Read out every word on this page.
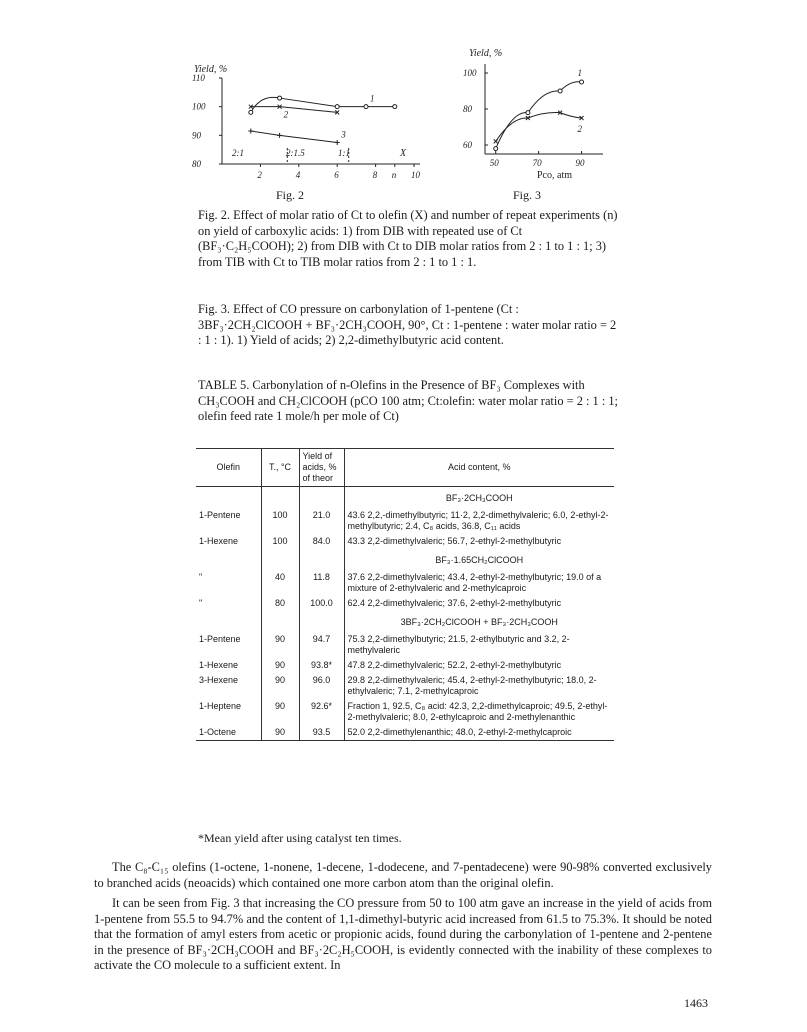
Yield, %
110
100
90
80
2	4	6	8 n 10
1
2
3
2:1	2:1.5	1:1	X
Fig. 2
Yield, %
100
80
60
50	70	90
1
2
Pco, atm
Fig. 3
Fig. 2. Effect of molar ratio of Ct to olefin (X) and number of repeat experiments (n) on yield of carboxylic acids: 1) from DIB with repeated use of Ct (BF₃·C₂H₅COOH); 2) from DIB with Ct to DIB molar ratios from 2 : 1 to 1 : 1; 3) from TIB with Ct to TIB molar ratios from 2 : 1 to 1 : 1.
Fig. 3. Effect of CO pressure on carbonylation of 1-pentene (Ct : 3BF₃·2CH₂ClCOOH + BF₃·2CH₃COOH, 90°, Ct : 1-pentene : water molar ratio = 2 : 1 : 1). 1) Yield of acids; 2) 2,2-dimethylbutyric acid content.
TABLE 5. Carbonylation of n-Olefins in the Presence of BF₃ Complexes with CH₃COOH and CH₂ClCOOH (pCO 100 atm; Ct:olefin: water molar ratio = 2 : 1 : 1; olefin feed rate 1 mole/h per mole of Ct)
Olefin	T., °C	Yield of acids, % of theor	Acid content, %
			BF₃·2CH₃COOH
1-Pentene	100	21.0	43.6 2,2,-dimethylbutyric; 11·2, 2,2-dimethylvaleric; 6.0, 2-ethyl-2-methylbutyric; 2.4, C₈ acids, 36.8, C₁₁ acids
1-Hexene	100	84.0	43.3 2,2-dimethylvaleric; 56.7, 2-ethyl-2-methylbutyric
			BF₃·1.65CH₂ClCOOH
"	40	11.8	37.6 2,2-dimethylvaleric; 43.4, 2-ethyl-2-methylbutyric; 19.0 of a mixture of 2-ethylvaleric and 2-methylcaproic
"	80	100.0	62.4 2,2-dimethylvaleric; 37.6, 2-ethyl-2-methylbutyric
			3BF₃·2CH₂ClCOOH + BF₃·2CH₃COOH
1-Pentene	90	94.7	75.3 2,2-dimethylbutyric; 21.5, 2-ethylbutyric and 3.2, 2-methylvaleric
1-Hexene	90	93.8*	47.8 2,2-dimethylvaleric; 52.2, 2-ethyl-2-methylbutyric
3-Hexene	90	96.0	29.8 2,2-dimethylvaleric; 45.4, 2-ethyl-2-methylbutyric; 18.0, 2-ethylvaleric; 7.1, 2-methylcaproic
1-Heptene	90	92.6*	Fraction 1, 92.5, C₈ acid: 42.3, 2,2-dimethylcaproic; 49.5, 2-ethyl-2-methylvaleric; 8.0, 2-ethylcaproic and 2-methylenanthic
1-Octene	90	93.5	52.0 2,2-dimethylenanthic; 48.0, 2-ethyl-2-methylcaproic

*Mean yield after using catalyst ten times.
The C₈-C₁₅ olefins (1-octene, 1-nonene, 1-decene, 1-dodecene, and 7-pentadecene) were 90-98% converted exclusively to branched acids (neoacids) which contained one more carbon atom than the original olefin.
It can be seen from Fig. 3 that increasing the CO pressure from 50 to 100 atm gave an increase in the yield of acids from 1-pentene from 55.5 to 94.7% and the content of 1,1-dimethyl-butyric acid increased from 61.5 to 75.3%. It should be noted that the formation of amyl esters from acetic or propionic acids, found during the carbonylation of 1-pentene and 2-pentene in the presence of BF₃·2CH₃COOH and BF₃·2C₂H₅COOH, is evidently connected with the inability of these complexes to activate the CO molecule to a sufficient extent. In
1463
